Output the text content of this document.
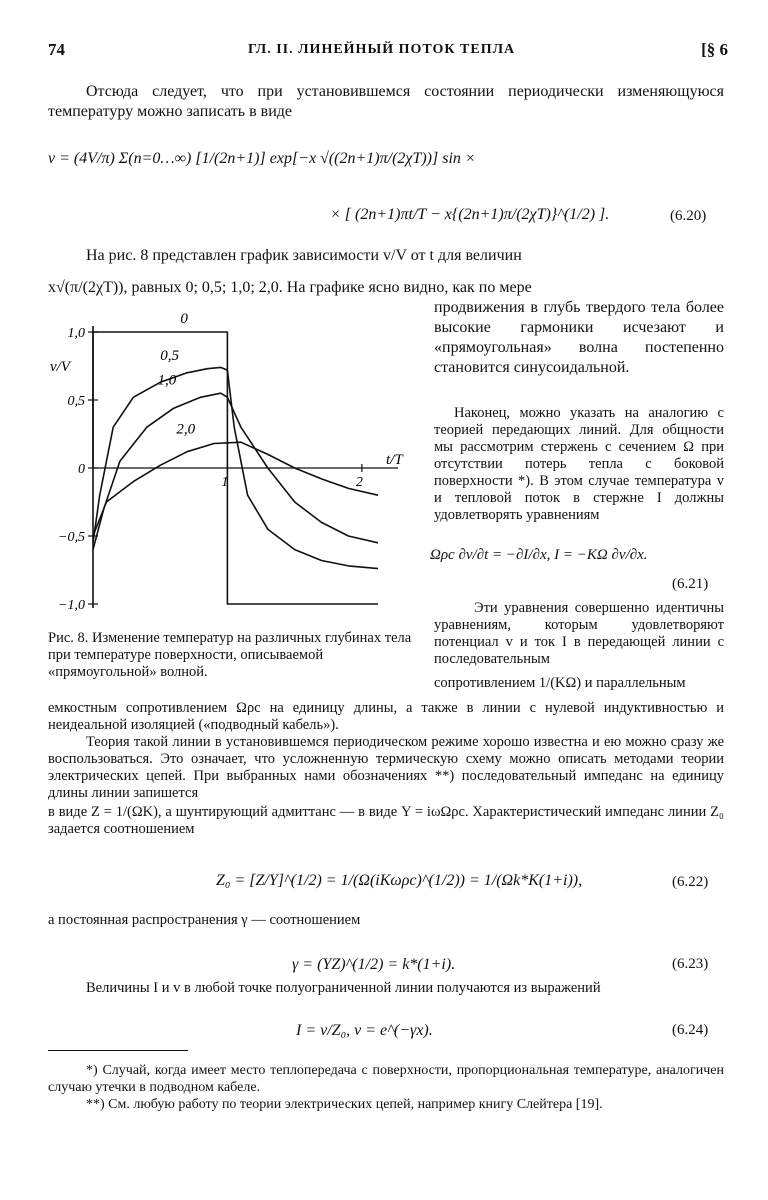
74	ГЛ. II. ЛИНЕЙНЫЙ ПОТОК ТЕПЛА	[§ 6
Отсюда следует, что при установившемся состоянии периодически изменяющуюся температуру можно записать в виде
v = (4V/π) Σ(n=0…∞) [1/(2n+1)] exp[−x √((2n+1)π/(2χT))] sin ×
× [ (2n+1)πt/T − x{(2n+1)π/(2χT)}^(1/2) ].	(6.20)
На рис. 8 представлен график зависимости v/V от t для величин
x√(π/(2χT)), равных 0; 0,5; 1,0; 2,0. На графике ясно видно, как по мере
продвижения в глубь твердого тела более высокие гармоники исчезают и «прямоугольная» волна постепенно становится синусоидальной.
1,0
0,5
0
−0,5
−1,0
1	2
v/V
t/T
0
0,5
1,0
2,0
Рис. 8. Изменение температур на различных глубинах тела при температуре поверхности, описываемой «прямоугольной» волной.
Наконец, можно указать на аналогию с теорией передающих линий. Для общности мы рассмотрим стержень с сечением Ω при отсутствии потерь тепла с боковой поверхности *). В этом случае температура v и тепловой поток в стержне I должны удовлетворять уравнениям
Ωρc ∂v/∂t = −∂I/∂x, I = −KΩ ∂v/∂x.
(6.21)
Эти уравнения совершенно идентичны уравнениям, которым удовлетворяют потенциал v и ток I в передающей линии с последовательным
сопротивлением 1/(KΩ) и параллельным
емкостным сопротивлением Ωρc на единицу длины, а также в линии с нулевой индуктивностью и неидеальной изоляцией («подводный кабель»).
Теория такой линии в установившемся периодическом режиме хорошо известна и ею можно сразу же воспользоваться. Это означает, что усложненную термическую схему можно описать методами теории электрических цепей. При выбранных нами обозначениях **) последовательный импеданс на единицу длины линии запишется
в виде Z = 1/(ΩK), а шунтирующий адмиттанс — в виде Y = iωΩρc. Характеристический импеданс линии Z₀ задается соотношением
Z₀ = [Z/Y]^(1/2) = 1/(Ω(iKωρc)^(1/2)) = 1/(Ωk*K(1+i)),	(6.22)
а постоянная распространения γ — соотношением
γ = (YZ)^(1/2) = k*(1+i).	(6.23)
Величины I и v в любой точке полуограниченной линии получаются из выражений
I = v/Z₀, v = e^(−γx).	(6.24)
*) Случай, когда имеет место теплопередача с поверхности, пропорциональная температуре, аналогичен случаю утечки в подводном кабеле.
**) См. любую работу по теории электрических цепей, например книгу Слейтера [19].
